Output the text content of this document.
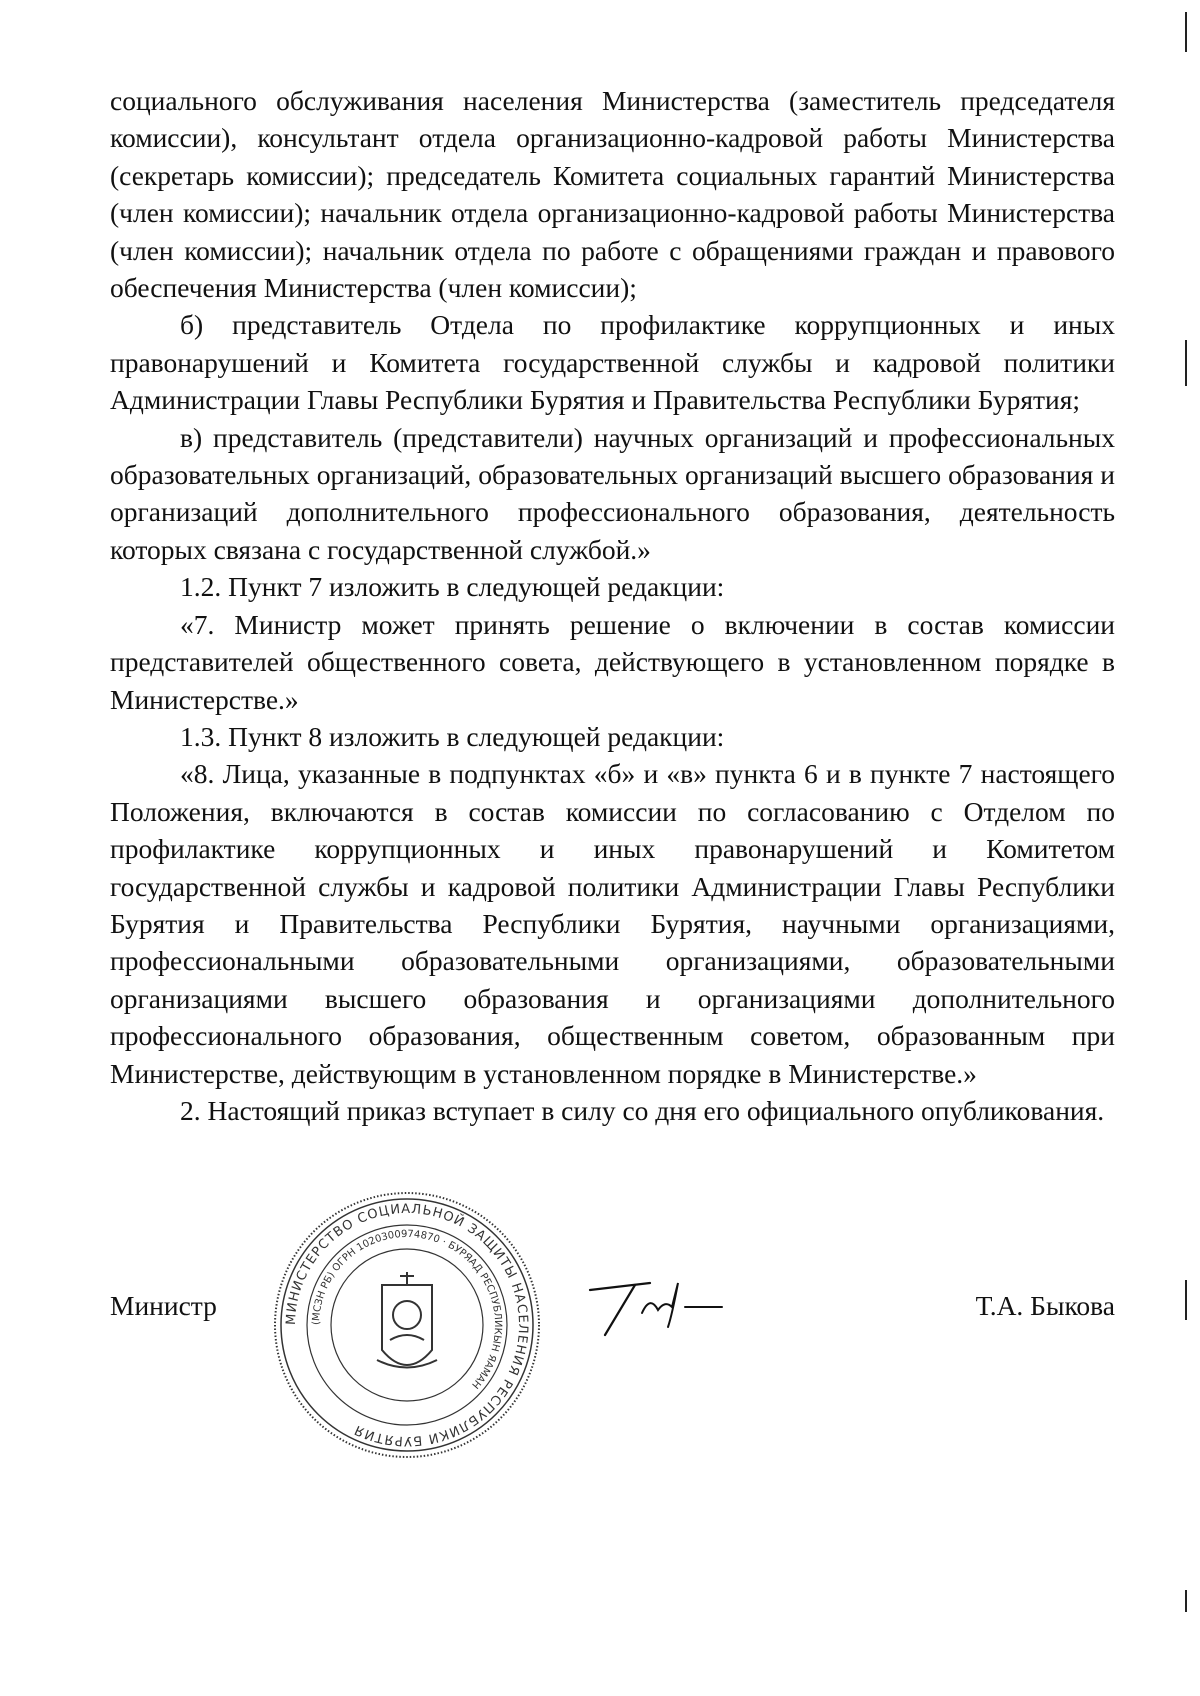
социального обслуживания населения Министерства (заместитель председателя комиссии), консультант отдела организационно-кадровой работы Министерства (секретарь комиссии); председатель Комитета социальных гарантий Министерства (член комиссии); начальник отдела организационно-кадровой работы Министерства (член комиссии); начальник отдела по работе с обращениями граждан и правового обеспечения Министерства (член комиссии);

б) представитель Отдела по профилактике коррупционных и иных правонарушений и Комитета государственной службы и кадровой политики Администрации Главы Республики Бурятия и Правительства Республики Бурятия;

в) представитель (представители) научных организаций и профессиональных образовательных организаций, образовательных организаций высшего образования и организаций дополнительного профессионального образования, деятельность которых связана с государственной службой.»

1.2. Пункт 7 изложить в следующей редакции:

«7. Министр может принять решение о включении в состав комиссии представителей общественного совета, действующего в установленном порядке в Министерстве.»

1.3. Пункт 8 изложить в следующей редакции:

«8. Лица, указанные в подпунктах «б» и «в» пункта 6 и в пункте 7 настоящего Положения, включаются в состав комиссии по согласованию с Отделом по профилактике коррупционных и иных правонарушений и Комитетом государственной службы и кадровой политики Администрации Главы Республики Бурятия и Правительства Республики Бурятия, научными организациями, профессиональными образовательными организациями, образовательными организациями высшего образования и организациями дополнительного профессионального образования, общественным советом, образованным при Министерстве, действующим в установленном порядке в Министерстве.»

2. Настоящий приказ вступает в силу со дня его официального опубликования.

Министр	МИНИСТЕРСТВО СОЦИАЛЬНОЙ ЗАЩИТЫ НАСЕЛЕНИЯ РЕСПУБЛИКИ БУРЯТИЯ
(МСЗН РБ) ОГРН 1020300974870 · БУРЯАД РЕСПУБЛИКЫН ЯАМАН
Т.А. Быкова
